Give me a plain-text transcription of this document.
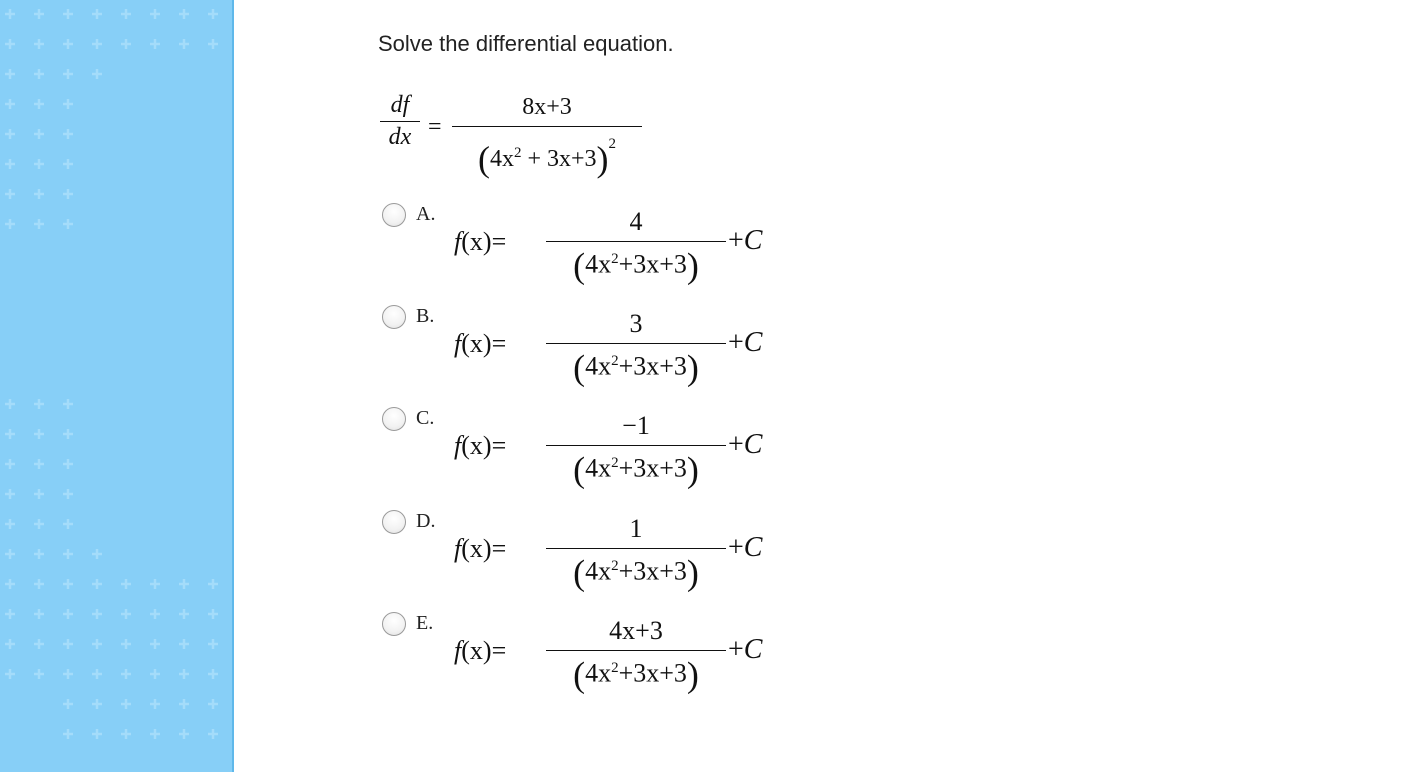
Solve the differential equation.
df
dx =
8x+3
$(4x^2 + 3x+3)^2$
A.
f(x)=
4
$(4x^2+3x+3)$
+C
B.
f(x)=
3
$(4x^2+3x+3)$
+C
C.
f(x)=
−1
$(4x^2+3x+3)$
+C
D.
f(x)=
1
$(4x^2+3x+3)$
+C
E.
f(x)=
4x+3
$(4x^2+3x+3)$
+C
